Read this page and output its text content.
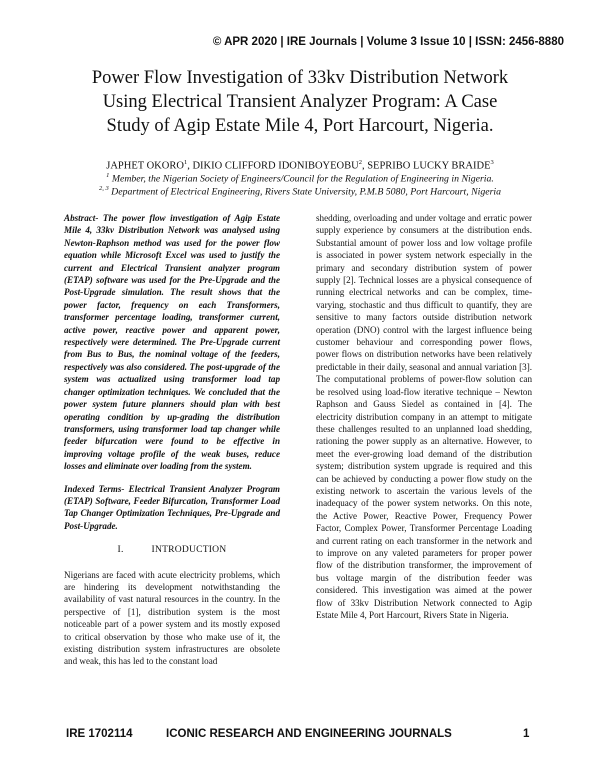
© APR 2020 | IRE Journals | Volume 3 Issue 10 | ISSN: 2456-8880
Power Flow Investigation of 33kv Distribution Network
Using Electrical Transient Analyzer Program: A Case
Study of Agip Estate Mile 4, Port Harcourt, Nigeria.
JAPHET OKORO$^1$, DIKIO CLIFFORD IDONIBOYEOBU$^2$, SEPRIBO LUCKY BRAIDE$^3$
$^1$ Member, the Nigerian Society of Engineers/Council for the Regulation of Engineering in Nigeria.
$^{2, 3}$ Department of Electrical Engineering, Rivers State University, P.M.B 5080, Port Harcourt, Nigeria

Abstract- The power flow investigation of Agip Estate Mile 4, 33kv Distribution Network was analysed using Newton-Raphson method was used for the power flow equation while Microsoft Excel was used to justify the current and Electrical Transient analyzer program (ETAP) software was used for the Pre-Upgrade and the Post-Upgrade simulation. The result shows that the power factor, frequency on each Transformers, transformer percentage loading, transformer current, active power, reactive power and apparent power, respectively were determined. The Pre-Upgrade current from Bus to Bus, the nominal voltage of the feeders, respectively was also considered. The post-upgrade of the system was actualized using transformer load tap changer optimization techniques. We concluded that the power system future planners should plan with best operating condition by up-grading the distribution transformers, using transformer load tap changer while feeder bifurcation were found to be effective in improving voltage profile of the weak buses, reduce losses and eliminate over loading from the system.

Indexed Terms- Electrical Transient Analyzer Program (ETAP) Software, Feeder Bifurcation, Transformer Load Tap Changer Optimization Techniques, Pre-Upgrade and Post-Upgrade.

I.	INTRODUCTION

Nigerians are faced with acute electricity problems, which are hindering its development notwithstanding the availability of vast natural resources in the country. In the perspective of [1], distribution system is the most noticeable part of a power system and its mostly exposed to critical observation by those who make use of it, the existing distribution system infrastructures are obsolete and weak, this has led to the constant load

shedding, overloading and under voltage and erratic power supply experience by consumers at the distribution ends. Substantial amount of power loss and low voltage profile is associated in power system network especially in the primary and secondary distribution system of power supply [2]. Technical losses are a physical consequence of running electrical networks and can be complex, time-varying, stochastic and thus difficult to quantify, they are sensitive to many factors outside distribution network operation (DNO) control with the largest influence being customer behaviour and corresponding power flows, power flows on distribution networks have been relatively predictable in their daily, seasonal and annual variation [3]. The computational problems of power-flow solution can be resolved using load-flow iterative technique – Newton Raphson and Gauss Siedel as contained in [4]. The electricity distribution company in an attempt to mitigate these challenges resulted to an unplanned load shedding, rationing the power supply as an alternative. However, to meet the ever-growing load demand of the distribution system; distribution system upgrade is required and this can be achieved by conducting a power flow study on the existing network to ascertain the various levels of the inadequacy of the power system networks. On this note, the Active Power, Reactive Power, Frequency Power Factor, Complex Power, Transformer Percentage Loading and current rating on each transformer in the network and to improve on any valeted parameters for proper power flow of the distribution transformer, the improvement of bus voltage margin of the distribution feeder was considered. This investigation was aimed at the power flow of 33kv Distribution Network connected to Agip Estate Mile 4, Port Harcourt, Rivers State in Nigeria.

IRE 1702114	ICONIC RESEARCH AND ENGINEERING JOURNALS	1
